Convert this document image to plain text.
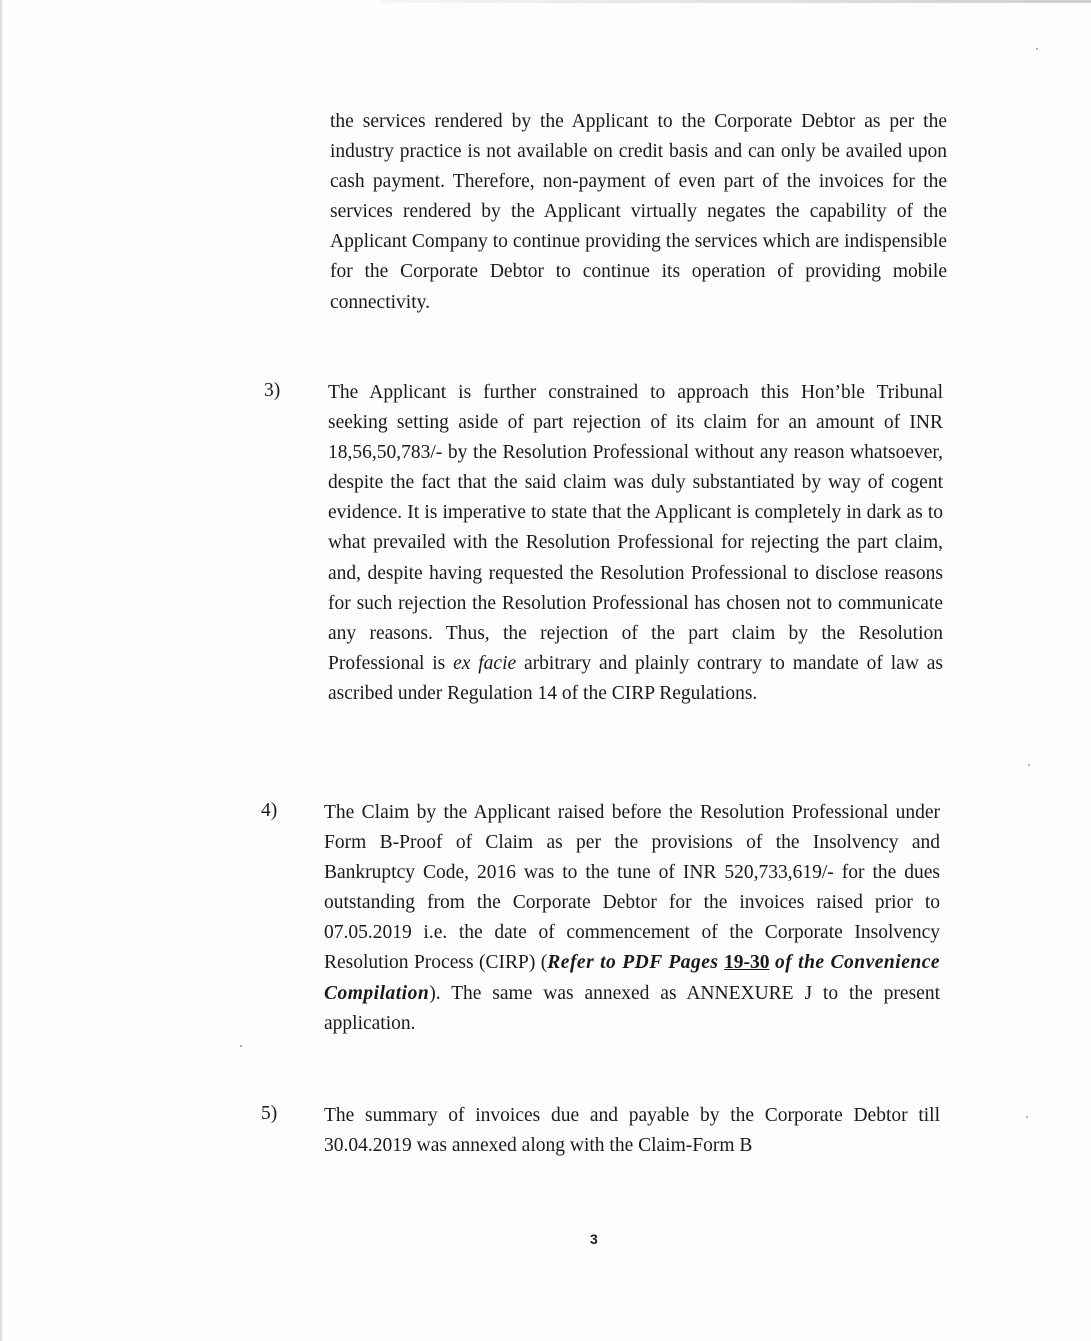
the services rendered by the Applicant to the Corporate Debtor as per the industry practice is not available on credit basis and can only be availed upon cash payment. Therefore, non-payment of even part of the invoices for the services rendered by the Applicant virtually negates the capability of the Applicant Company to continue providing the services which are indispensible for the Corporate Debtor to continue its operation of providing mobile connectivity.

3) The Applicant is further constrained to approach this Hon’ble Tribunal seeking setting aside of part rejection of its claim for an amount of INR 18,56,50,783/- by the Resolution Professional without any reason whatsoever, despite the fact that the said claim was duly substantiated by way of cogent evidence. It is imperative to state that the Applicant is completely in dark as to what prevailed with the Resolution Professional for rejecting the part claim, and, despite having requested the Resolution Professional to disclose reasons for such rejection the Resolution Professional has chosen not to communicate any reasons. Thus, the rejection of the part claim by the Resolution Professional is ex facie arbitrary and plainly contrary to mandate of law as ascribed under Regulation 14 of the CIRP Regulations.

4) The Claim by the Applicant raised before the Resolution Professional under Form B-Proof of Claim as per the provisions of the Insolvency and Bankruptcy Code, 2016 was to the tune of INR 520,733,619/- for the dues outstanding from the Corporate Debtor for the invoices raised prior to 07.05.2019 i.e. the date of commencement of the Corporate Insolvency Resolution Process (CIRP) (Refer to PDF Pages 19-30 of the Convenience Compilation). The same was annexed as ANNEXURE J to the present application.

5) The summary of invoices due and payable by the Corporate Debtor till 30.04.2019 was annexed along with the Claim-Form B

3
